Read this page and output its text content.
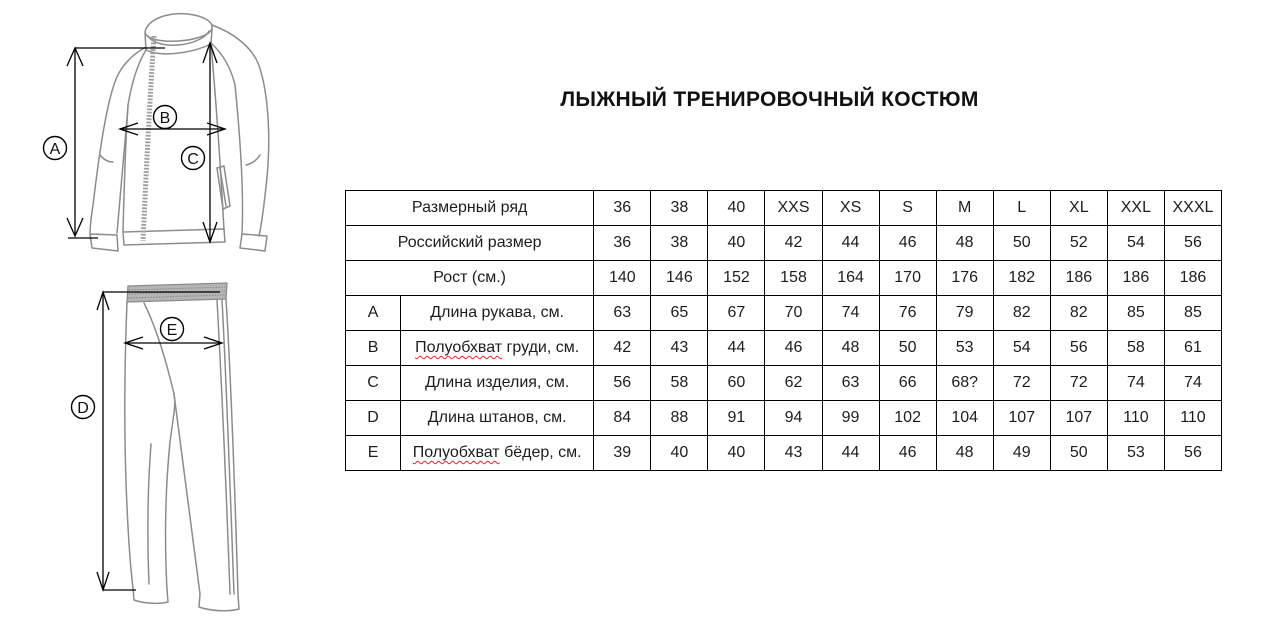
A
B
C
D
E
ЛЫЖНЫЙ ТРЕНИРОВОЧНЫЙ КОСТЮМ
Размерный ряд		36	38	40	XXS	XS	S	M	L	XL	XXL	XXXL
Российский размер		36	38	40	42	44	46	48	50	52	54	56
Рост (см.)		140	146	152	158	164	170	176	182	186	186	186
A	Длина рукава, см.	63	65	67	70	74	76	79	82	82	85	85
B	Полуобхват груди, см.	42	43	44	46	48	50	53	54	56	58	61
C	Длина изделия, см.	56	58	60	62	63	66	68?	72	72	74	74
D	Длина штанов, см.	84	88	91	94	99	102	104	107	107	110	110
E	Полуобхват бёдер, см.	39	40	40	43	44	46	48	49	50	53	56
